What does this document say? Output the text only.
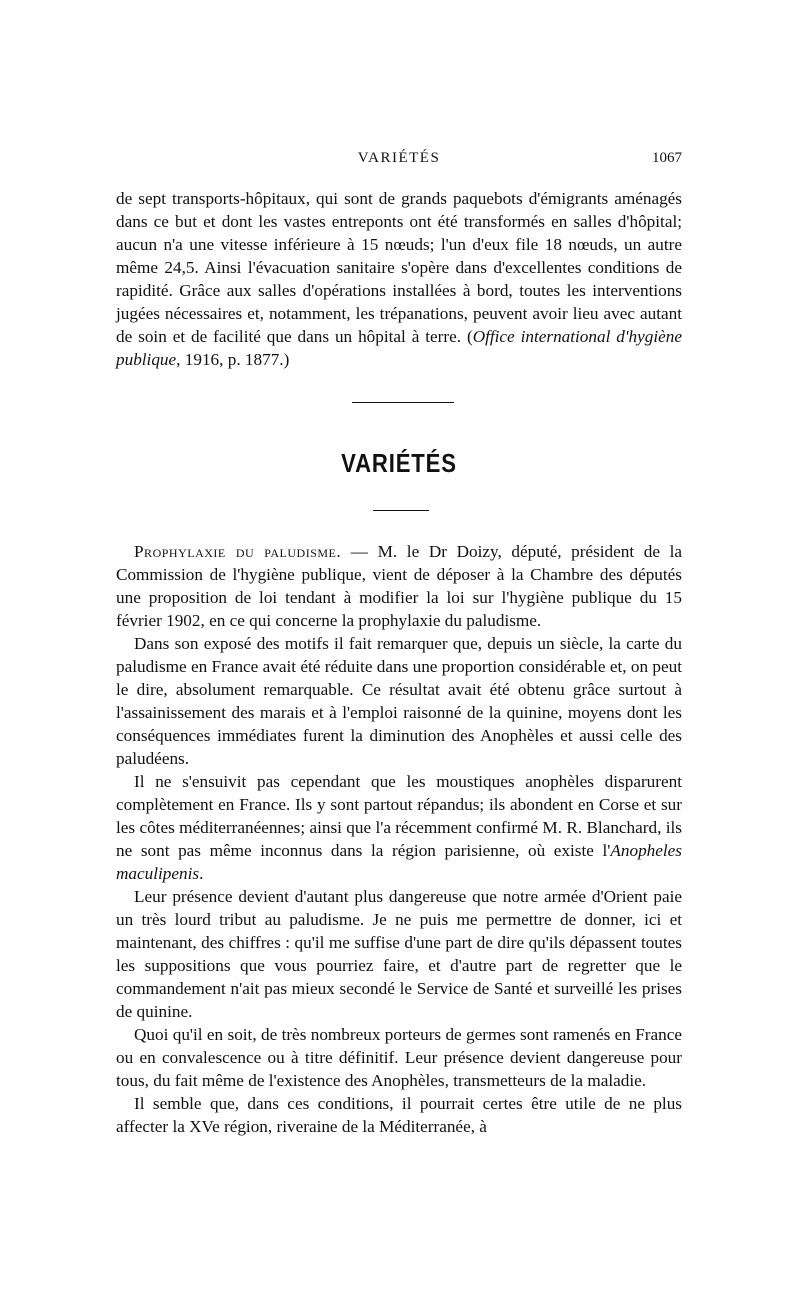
VARIÉTÉS	1067

de sept transports-hôpitaux, qui sont de grands paquebots d'émigrants aménagés dans ce but et dont les vastes entreponts ont été transformés en salles d'hôpital; aucun n'a une vitesse inférieure à 15 nœuds; l'un d'eux file 18 nœuds, un autre même 24,5. Ainsi l'évacuation sanitaire s'opère dans d'excellentes conditions de rapidité. Grâce aux salles d'opérations installées à bord, toutes les interventions jugées nécessaires et, notamment, les trépanations, peuvent avoir lieu avec autant de soin et de facilité que dans un hôpital à terre. (Office international d'hygiène publique, 1916, p. 1877.)

VARIÉTÉS

Prophylaxie du paludisme. — M. le Dr Doizy, député, président de la Commission de l'hygiène publique, vient de déposer à la Chambre des députés une proposition de loi tendant à modifier la loi sur l'hygiène publique du 15 février 1902, en ce qui concerne la prophylaxie du paludisme.

Dans son exposé des motifs il fait remarquer que, depuis un siècle, la carte du paludisme en France avait été réduite dans une proportion considérable et, on peut le dire, absolument remarquable. Ce résultat avait été obtenu grâce surtout à l'assainissement des marais et à l'emploi raisonné de la quinine, moyens dont les conséquences immédiates furent la diminution des Anophèles et aussi celle des paludéens.

Il ne s'ensuivit pas cependant que les moustiques anophèles disparurent complètement en France. Ils y sont partout répandus; ils abondent en Corse et sur les côtes méditerranéennes; ainsi que l'a récemment confirmé M. R. Blanchard, ils ne sont pas même inconnus dans la région parisienne, où existe l'Anopheles maculipenis.

Leur présence devient d'autant plus dangereuse que notre armée d'Orient paie un très lourd tribut au paludisme. Je ne puis me permettre de donner, ici et maintenant, des chiffres : qu'il me suffise d'une part de dire qu'ils dépassent toutes les suppositions que vous pourriez faire, et d'autre part de regretter que le commandement n'ait pas mieux secondé le Service de Santé et surveillé les prises de quinine.

Quoi qu'il en soit, de très nombreux porteurs de germes sont ramenés en France ou en convalescence ou à titre définitif. Leur présence devient dangereuse pour tous, du fait même de l'existence des Anophèles, transmetteurs de la maladie.

Il semble que, dans ces conditions, il pourrait certes être utile de ne plus affecter la XVe région, riveraine de la Méditerranée, à
